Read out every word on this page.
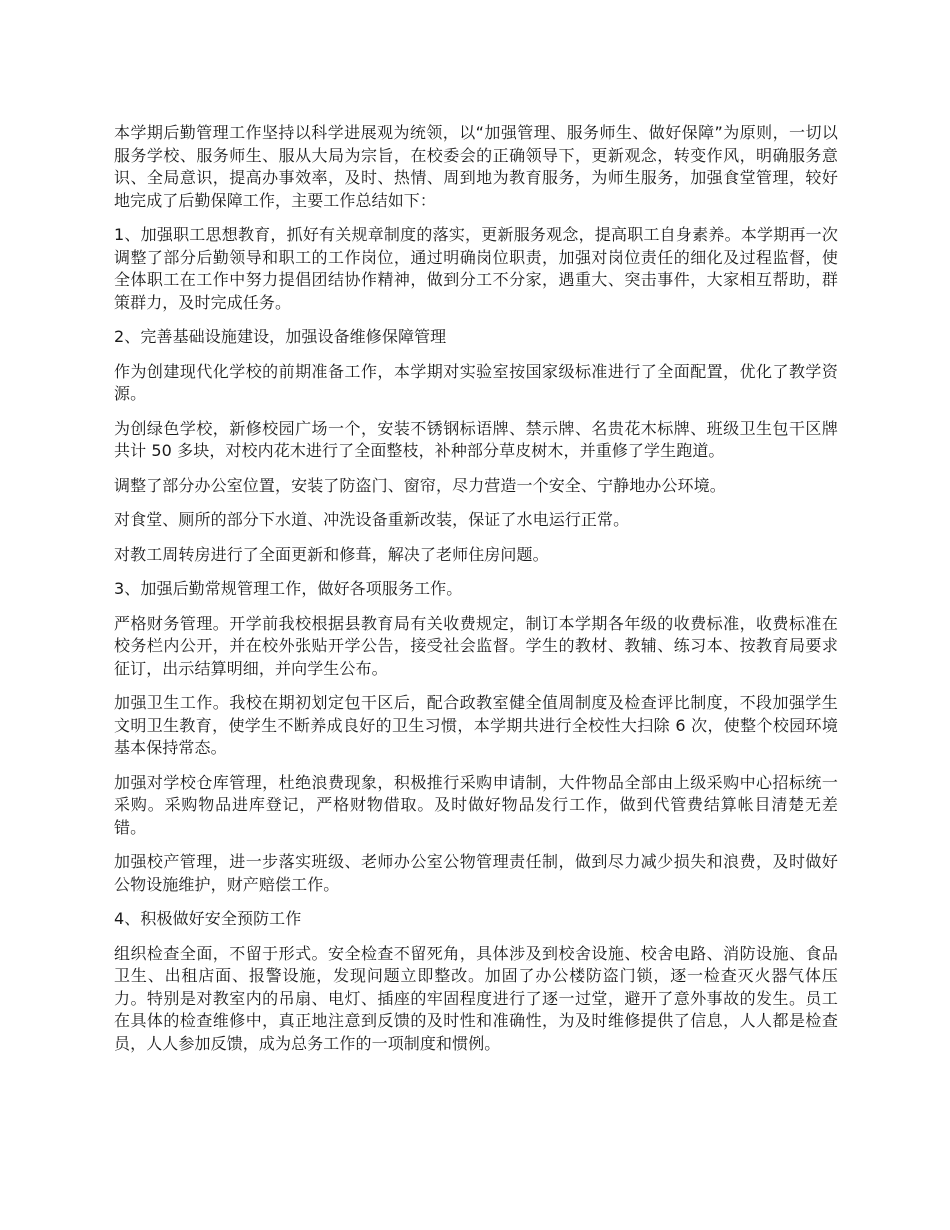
本学期后勤管理工作坚持以科学进展观为统领，以“加强管理、服务师生、做好保障”为原则，一切以服务学校、服务师生、服从大局为宗旨，在校委会的正确领导下，更新观念，转变作风，明确服务意识、全局意识，提高办事效率，及时、热情、周到地为教育服务，为师生服务，加强食堂管理，较好地完成了后勤保障工作，主要工作总结如下：

1、加强职工思想教育，抓好有关规章制度的落实，更新服务观念，提高职工自身素养。本学期再一次调整了部分后勤领导和职工的工作岗位，通过明确岗位职责，加强对岗位责任的细化及过程监督，使全体职工在工作中努力提倡团结协作精神，做到分工不分家，遇重大、突击事件，大家相互帮助，群策群力，及时完成任务。

2、完善基础设施建设，加强设备维修保障管理

作为创建现代化学校的前期准备工作，本学期对实验室按国家级标准进行了全面配置，优化了教学资源。

为创绿色学校，新修校园广场一个，安装不锈钢标语牌、禁示牌、名贵花木标牌、班级卫生包干区牌共计 50 多块，对校内花木进行了全面整枝，补种部分草皮树木，并重修了学生跑道。

调整了部分办公室位置，安装了防盗门、窗帘，尽力营造一个安全、宁静地办公环境。

对食堂、厕所的部分下水道、冲洗设备重新改装，保证了水电运行正常。

对教工周转房进行了全面更新和修葺，解决了老师住房问题。

3、加强后勤常规管理工作，做好各项服务工作。

严格财务管理。开学前我校根据县教育局有关收费规定，制订本学期各年级的收费标准，收费标准在校务栏内公开，并在校外张贴开学公告，接受社会监督。学生的教材、教辅、练习本、按教育局要求征订，出示结算明细，并向学生公布。

加强卫生工作。我校在期初划定包干区后，配合政教室健全值周制度及检查评比制度，不段加强学生文明卫生教育，使学生不断养成良好的卫生习惯，本学期共进行全校性大扫除 6 次，使整个校园环境基本保持常态。

加强对学校仓库管理，杜绝浪费现象，积极推行采购申请制，大件物品全部由上级采购中心招标统一采购。采购物品进库登记，严格财物借取。及时做好物品发行工作，做到代管费结算帐目清楚无差错。

加强校产管理，进一步落实班级、老师办公室公物管理责任制，做到尽力减少损失和浪费，及时做好公物设施维护，财产赔偿工作。

4、积极做好安全预防工作

组织检查全面，不留于形式。安全检查不留死角，具体涉及到校舍设施、校舍电路、消防设施、食品卫生、出租店面、报警设施，发现问题立即整改。加固了办公楼防盗门锁，逐一检查灭火器气体压力。特别是对教室内的吊扇、电灯、插座的牢固程度进行了逐一过堂，避开了意外事故的发生。员工在具体的检查维修中，真正地注意到反馈的及时性和准确性，为及时维修提供了信息，人人都是检查员，人人参加反馈，成为总务工作的一项制度和惯例。
